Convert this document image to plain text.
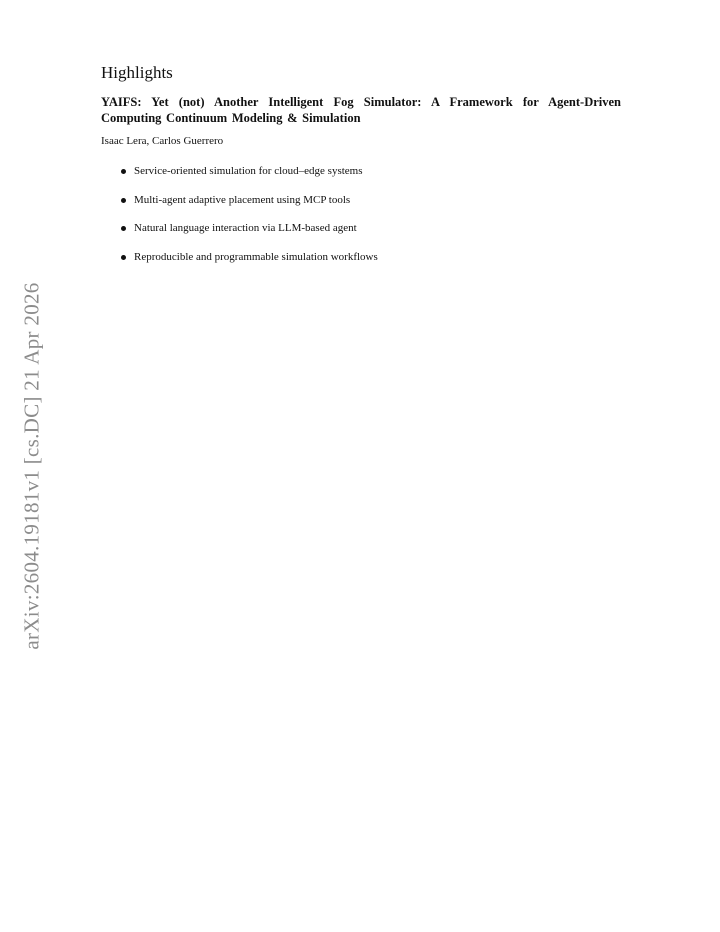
arXiv:2604.19181v1 [cs.DC] 21 Apr 2026
Highlights
YAIFS: Yet (not) Another Intelligent Fog Simulator: A Framework for Agent-Driven Computing Continuum Modeling & Simulation
Isaac Lera, Carlos Guerrero
Service-oriented simulation for cloud–edge systems
Multi-agent adaptive placement using MCP tools
Natural language interaction via LLM-based agent
Reproducible and programmable simulation workflows
